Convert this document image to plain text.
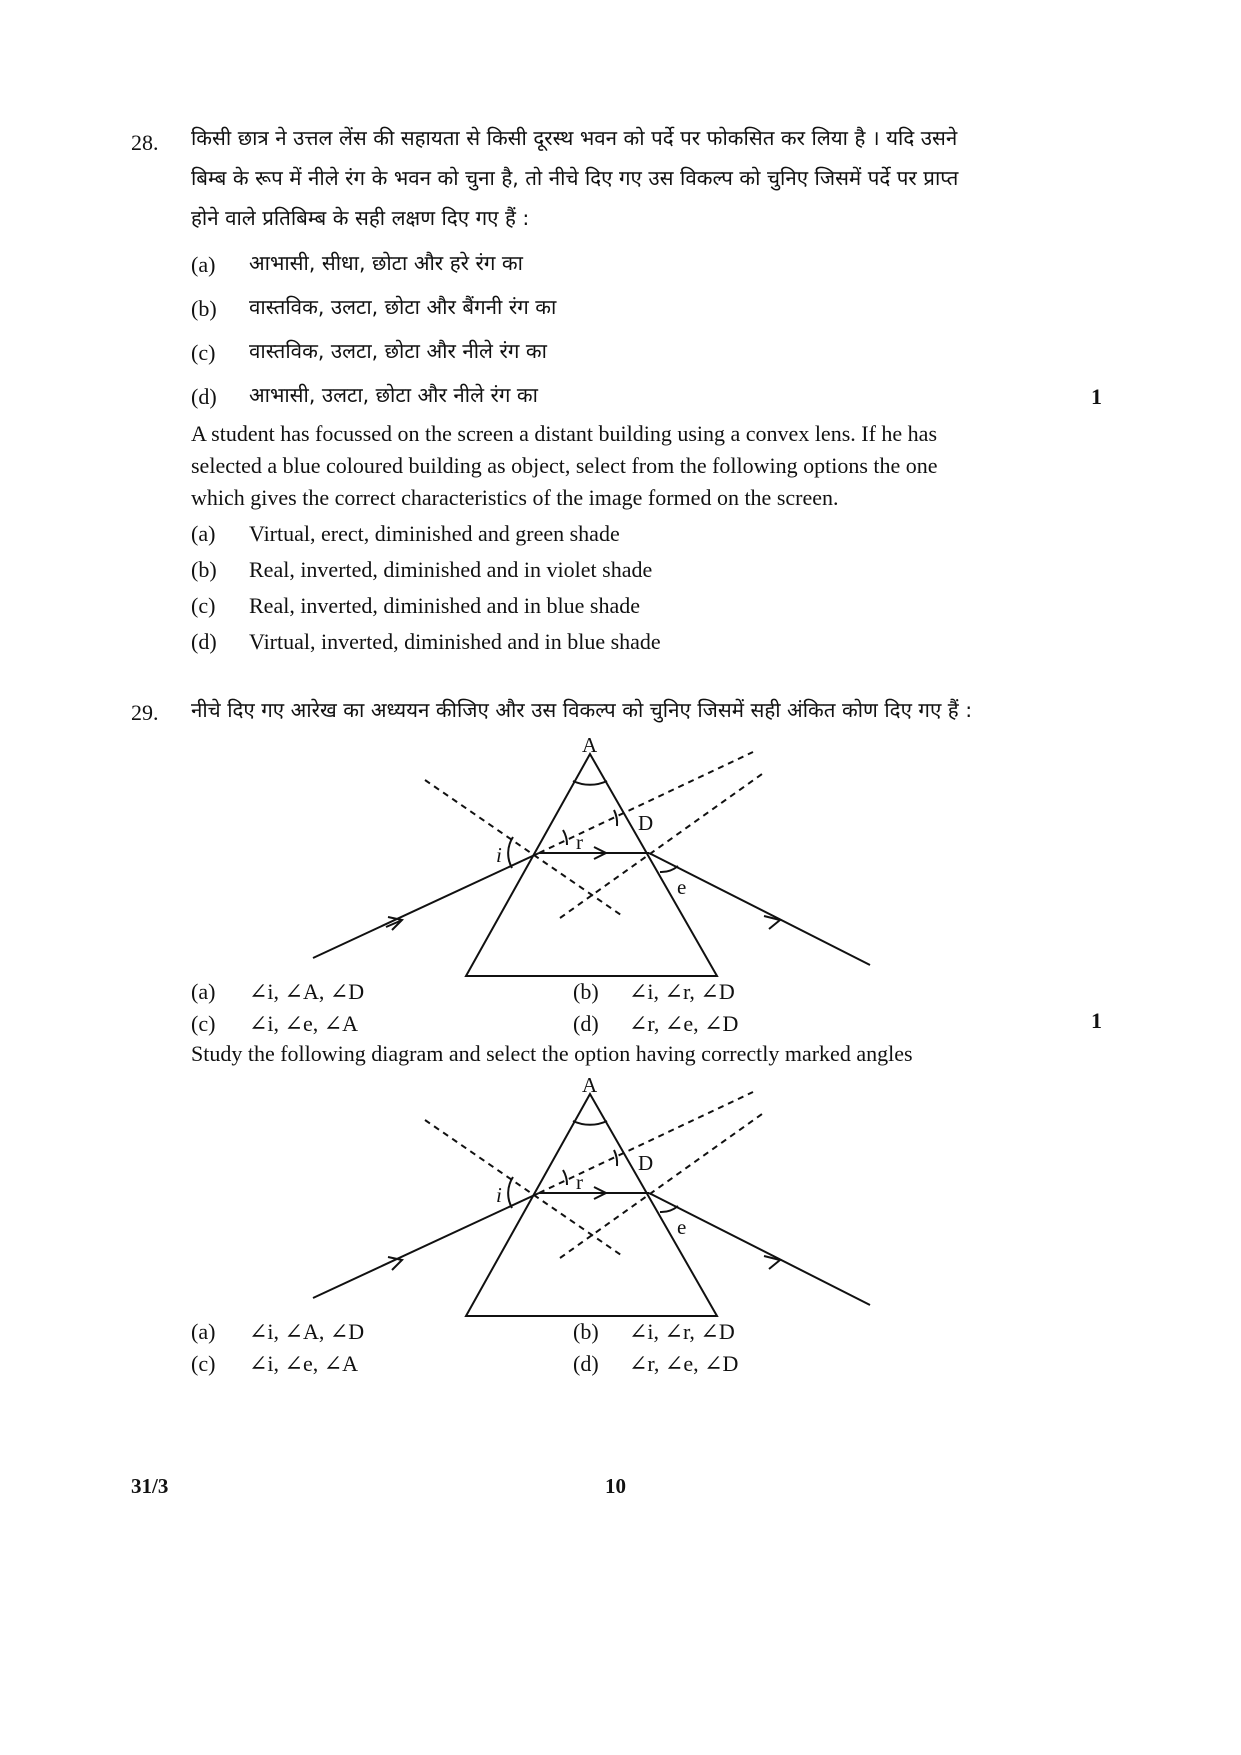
28. किसी छात्र ने उत्तल लेंस की सहायता से किसी दूरस्थ भवन को पर्दे पर फोकसित कर लिया है । यदि उसने
बिम्ब के रूप में नीले रंग के भवन को चुना है, तो नीचे दिए गए उस विकल्प को चुनिए जिसमें पर्दे पर प्राप्त
होने वाले प्रतिबिम्ब के सही लक्षण दिए गए हैं :
(a) आभासी, सीधा, छोटा और हरे रंग का
(b) वास्तविक, उलटा, छोटा और बैंगनी रंग का
(c) वास्तविक, उलटा, छोटा और नीले रंग का
(d) आभासी, उलटा, छोटा और नीले रंग का	1
A student has focussed on the screen a distant building using a convex lens. If he has
selected a blue coloured building as object, select from the following options the one
which gives the correct characteristics of the image formed on the screen.
(a) Virtual, erect, diminished and green shade
(b) Real, inverted, diminished and in violet shade
(c) Real, inverted, diminished and in blue shade
(d) Virtual, inverted, diminished and in blue shade
29. नीचे दिए गए आरेख का अध्ययन कीजिए और उस विकल्प को चुनिए जिसमें सही अंकित कोण दिए गए हैं :
A
D
i
r
e
(a) ∠i, ∠A, ∠D	(b) ∠i, ∠r, ∠D
(c) ∠i, ∠e, ∠A	(d) ∠r, ∠e, ∠D	1
Study the following diagram and select the option having correctly marked angles
A
D
i
r
e
(a) ∠i, ∠A, ∠D	(b) ∠i, ∠r, ∠D
(c) ∠i, ∠e, ∠A	(d) ∠r, ∠e, ∠D
31/3	10
